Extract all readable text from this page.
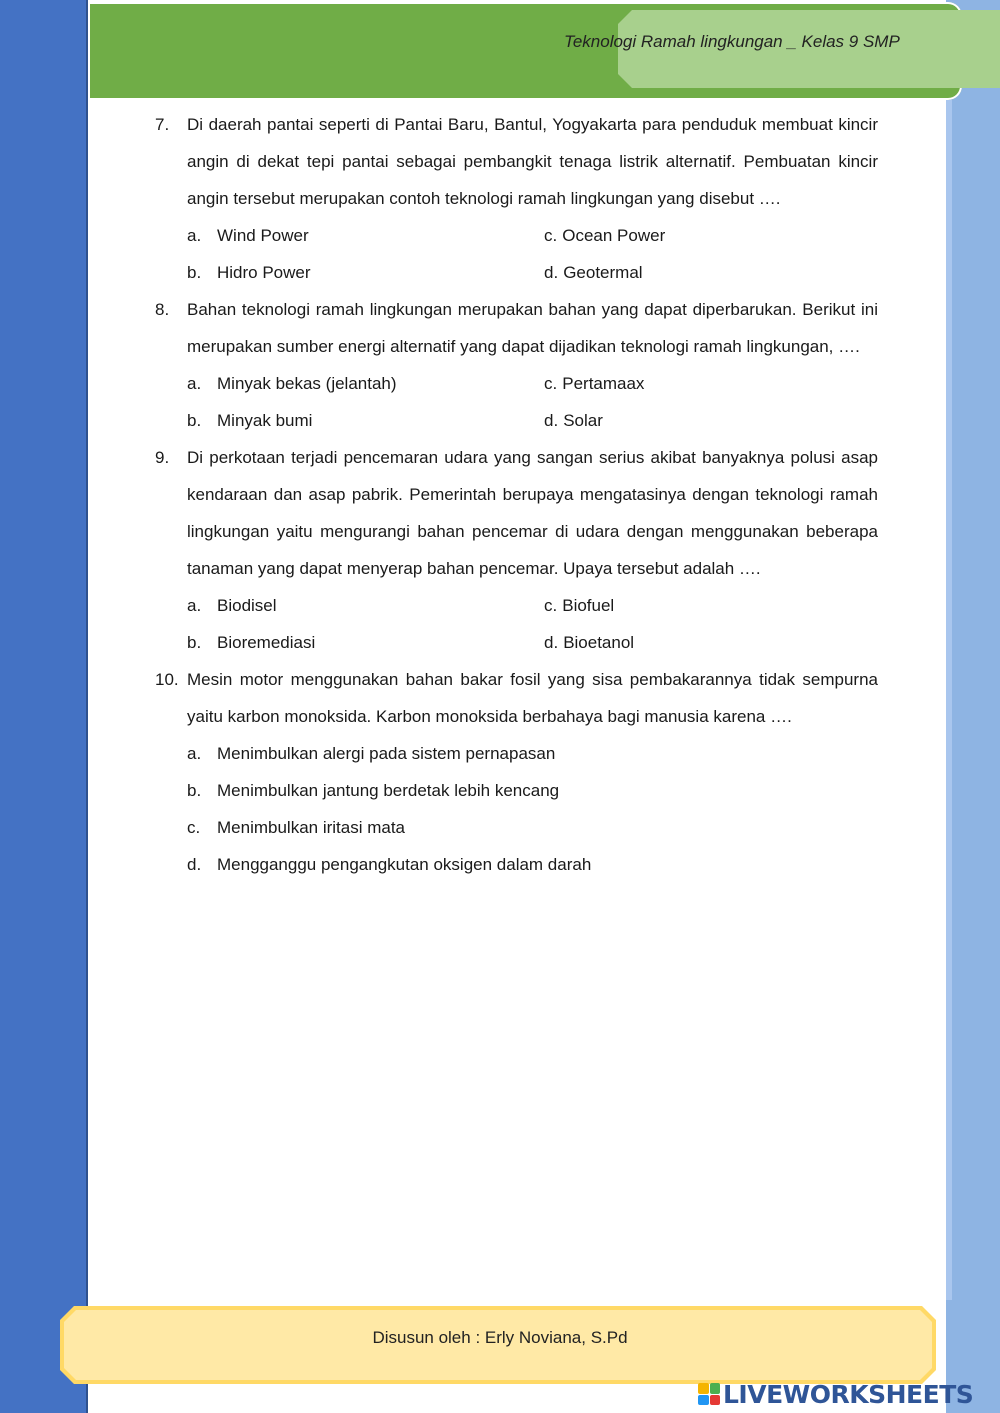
Teknologi Ramah lingkungan _ Kelas 9 SMP
7.	Di daerah pantai seperti di Pantai Baru, Bantul, Yogyakarta para penduduk membuat kincir angin di dekat tepi pantai sebagai pembangkit tenaga listrik alternatif. Pembuatan kincir angin tersebut merupakan contoh teknologi ramah lingkungan yang disebut ….
a. Wind Power	c. Ocean Power
b. Hidro Power	d. Geotermal
8.	Bahan teknologi ramah lingkungan merupakan bahan yang dapat diperbarukan. Berikut ini merupakan sumber energi alternatif yang dapat dijadikan teknologi ramah lingkungan, ….
a. Minyak bekas (jelantah)	c. Pertamaax
b. Minyak bumi	d. Solar
9.	Di perkotaan terjadi pencemaran udara yang sangan serius akibat banyaknya polusi asap kendaraan dan asap pabrik. Pemerintah berupaya mengatasinya dengan teknologi ramah lingkungan yaitu mengurangi bahan pencemar di udara dengan menggunakan beberapa tanaman yang dapat menyerap bahan pencemar. Upaya tersebut adalah ….
a. Biodisel	c. Biofuel
b. Bioremediasi	d. Bioetanol
10. Mesin motor menggunakan bahan bakar fosil yang sisa pembakarannya tidak sempurna yaitu karbon monoksida. Karbon monoksida berbahaya bagi manusia karena ….
a. Menimbulkan alergi pada sistem pernapasan
b. Menimbulkan jantung berdetak lebih kencang
c. Menimbulkan iritasi mata
d. Mengganggu pengangkutan oksigen dalam darah
Disusun oleh : Erly Noviana, S.Pd
LIVEWORKSHEETS
